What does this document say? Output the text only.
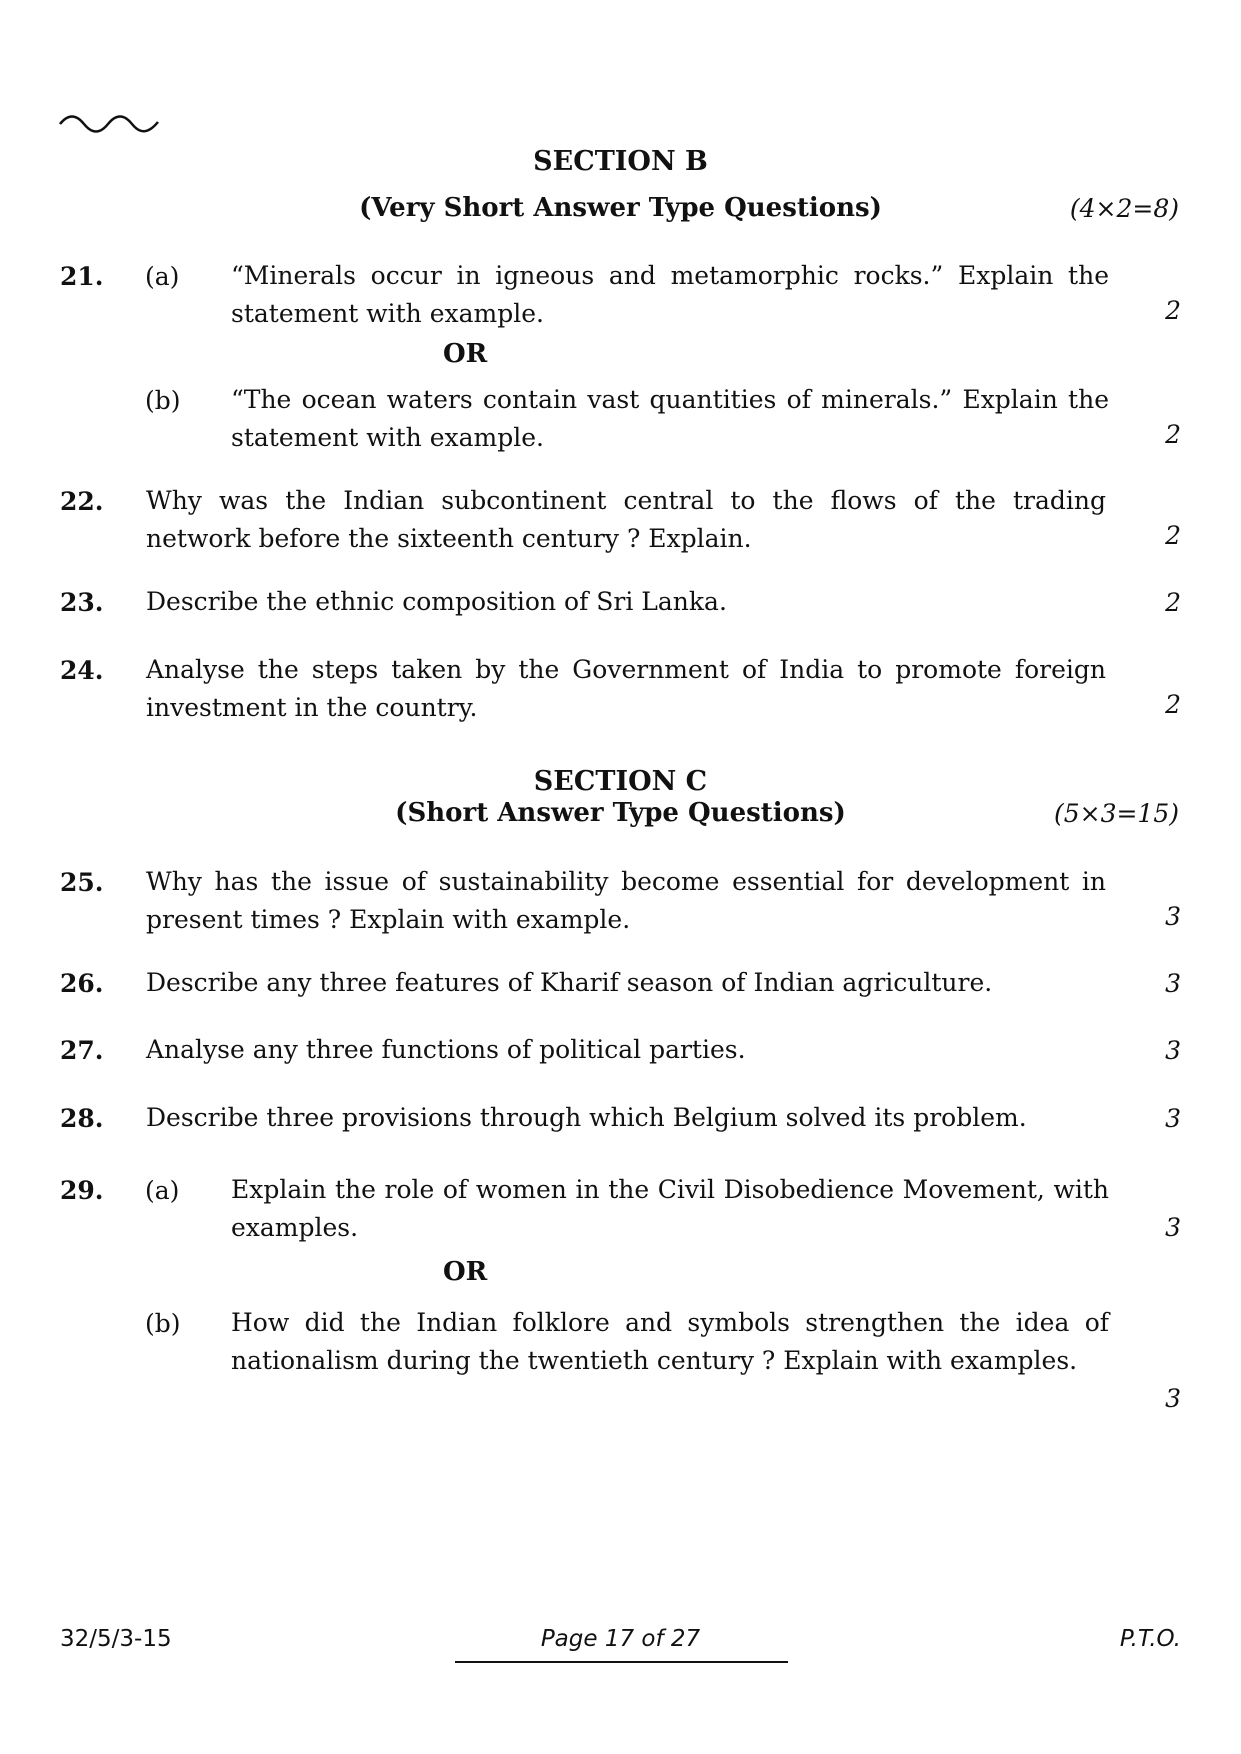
SECTION B
(Very Short Answer Type Questions)	(4×2=8)
21. (a) “Minerals occur in igneous and metamorphic rocks.” Explain the statement with example.	2
OR
(b) “The ocean waters contain vast quantities of minerals.” Explain the statement with example.	2
22. Why was the Indian subcontinent central to the flows of the trading network before the sixteenth century ? Explain.	2
23. Describe the ethnic composition of Sri Lanka.	2
24. Analyse the steps taken by the Government of India to promote foreign investment in the country.	2
SECTION C
(Short Answer Type Questions)	(5×3=15)
25. Why has the issue of sustainability become essential for development in present times ? Explain with example.	3
26. Describe any three features of Kharif season of Indian agriculture.	3
27. Analyse any three functions of political parties.	3
28. Describe three provisions through which Belgium solved its problem.	3
29. (a) Explain the role of women in the Civil Disobedience Movement, with examples.	3
OR
(b) How did the Indian folklore and symbols strengthen the idea of nationalism during the twentieth century ? Explain with examples.
3
32/5/3-15	Page 17 of 27	P.T.O.
